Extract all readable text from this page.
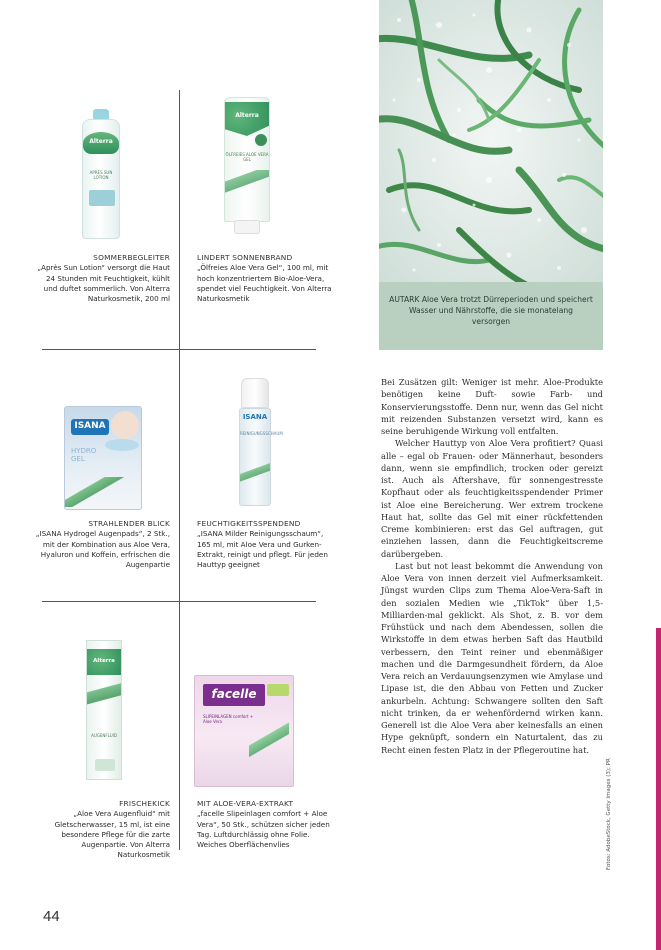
Alterra
APRÈS SUN LOTION
SOMMERBEGLEITER
„Après Sun Lotion“ versorgt die Haut 24 Stunden mit Feuchtigkeit, kühlt und duftet sommerlich. Von Alterra Naturkosmetik, 200 ml
Alterra
ÖLFREIES ALOE VERA GEL
LINDERT SONNENBRAND
„Ölfreies Aloe Vera Gel“, 100 ml, mit hoch konzentriertem Bio-Aloe-Vera, spendet viel Feuchtigkeit. Von Alterra Naturkosmetik
ISANA
HYDRO GEL
STRAHLENDER BLICK
„ISANA Hydrogel Augenpads“, 2 Stk., mit der Kombination aus Aloe Vera, Hyaluron und Koffein, erfrischen die Augenpartie
ISANA
REINIGUNGSSCHAUM
FEUCHTIGKEITSSPENDEND
„ISANA Milder Reinigungsschaum“, 165 ml, mit Aloe Vera und Gurken-Extrakt, reinigt und pflegt. Für jeden Hauttyp geeignet
Alterra
AUGENFLUID
FRISCHEKICK
„Aloe Vera Augenfluid“ mit Gletscherwasser, 15 ml, ist eine besondere Pflege für die zarte Augenpartie. Von Alterra Naturkosmetik
facelle
SLIPEINLAGEN comfort + Aloe Vera
MIT ALOE-VERA-EXTRAKT
„facelle Slipeinlagen comfort + Aloe Vera“, 50 Stk., schützen sicher jeden Tag. Luftdurchlässig ohne Folie. Weiches Oberflächenvlies
AUTARK Aloe Vera trotzt Dürreperioden und speichert Wasser und Nährstoffe, die sie monatelang versorgen

Bei Zusätzen gilt: Weniger ist mehr. Aloe-Produkte benötigen keine Duft- sowie Farb- und Konservierungsstoffe. Denn nur, wenn das Gel nicht mit reizenden Substanzen versetzt wird, kann es seine beruhigende Wirkung voll entfalten.

Welcher Hauttyp von Aloe Vera profitiert? Quasi alle – egal ob Frauen- oder Männerhaut, besonders dann, wenn sie empfindlich, trocken oder gereizt ist. Auch als Aftershave, für sonnengestresste Kopfhaut oder als feuchtigkeitsspendender Primer ist Aloe eine Bereicherung. Wer extrem trockene Haut hat, sollte das Gel mit einer rückfettenden Creme kombinieren: erst das Gel auftragen, gut einziehen lassen, dann die Feuchtigkeitscreme darübergeben.

Last but not least bekommt die Anwendung von Aloe Vera von innen derzeit viel Aufmerksamkeit. Jüngst wurden Clips zum Thema Aloe-Vera-Saft in den sozialen Medien wie „TikTok“ über 1,5-Milliarden-mal geklickt. Als Shot, z. B. vor dem Frühstück und nach dem Abendessen, sollen die Wirkstoffe in dem etwas herben Saft das Hautbild verbessern, den Teint reiner und ebenmäßiger machen und die Darmgesundheit fördern, da Aloe Vera reich an Verdauungsenzymen wie Amylase und Lipase ist, die den Abbau von Fetten und Zucker ankurbeln. Achtung: Schwangere sollten den Saft nicht trinken, da er wehenfördernd wirken kann. Generell ist die Aloe Vera aber keinesfalls an einen Hype geknüpft, sondern ein Naturtalent, das zu Recht einen festen Platz in der Pflegeroutine hat.

44
Fotos: AdobeStock, Getty Images (3); PR
